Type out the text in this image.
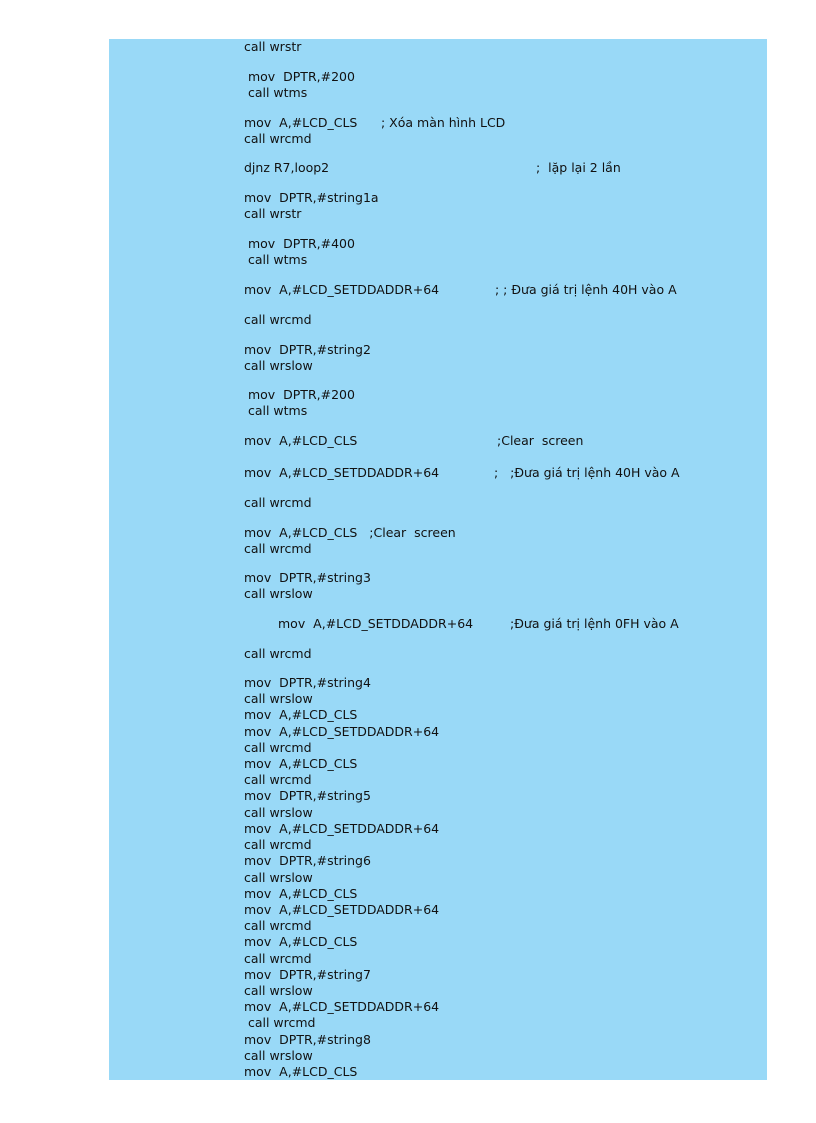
call wrstr
mov  DPTR,#200
call wtms
mov  A,#LCD_CLS ; Xóa màn hình LCD
call wrcmd
djnz R7,loop2	;  lặp lại 2 lần
mov  DPTR,#string1a
call wrstr
mov  DPTR,#400
call wtms
mov  A,#LCD_SETDDADDR+64	; ; Đưa giá trị lệnh 40H vào A
call wrcmd
mov  DPTR,#string2
call wrslow
mov  DPTR,#200
call wtms
mov  A,#LCD_CLS	;Clear  screen
mov  A,#LCD_SETDDADDR+64	;   ;Đưa giá trị lệnh 40H vào A
call wrcmd
mov  A,#LCD_CLS   ;Clear  screen
call wrcmd
mov  DPTR,#string3
call wrslow
mov  A,#LCD_SETDDADDR+64	;Đưa giá trị lệnh 0FH vào A
call wrcmd
mov  DPTR,#string4
call wrslow
mov  A,#LCD_CLS
mov  A,#LCD_SETDDADDR+64
call wrcmd
mov  A,#LCD_CLS
call wrcmd
mov  DPTR,#string5
call wrslow
mov  A,#LCD_SETDDADDR+64
call wrcmd
mov  DPTR,#string6
call wrslow
mov  A,#LCD_CLS
mov  A,#LCD_SETDDADDR+64
call wrcmd
mov  A,#LCD_CLS
call wrcmd
mov  DPTR,#string7
call wrslow
mov  A,#LCD_SETDDADDR+64
call wrcmd
mov  DPTR,#string8
call wrslow
mov  A,#LCD_CLS
